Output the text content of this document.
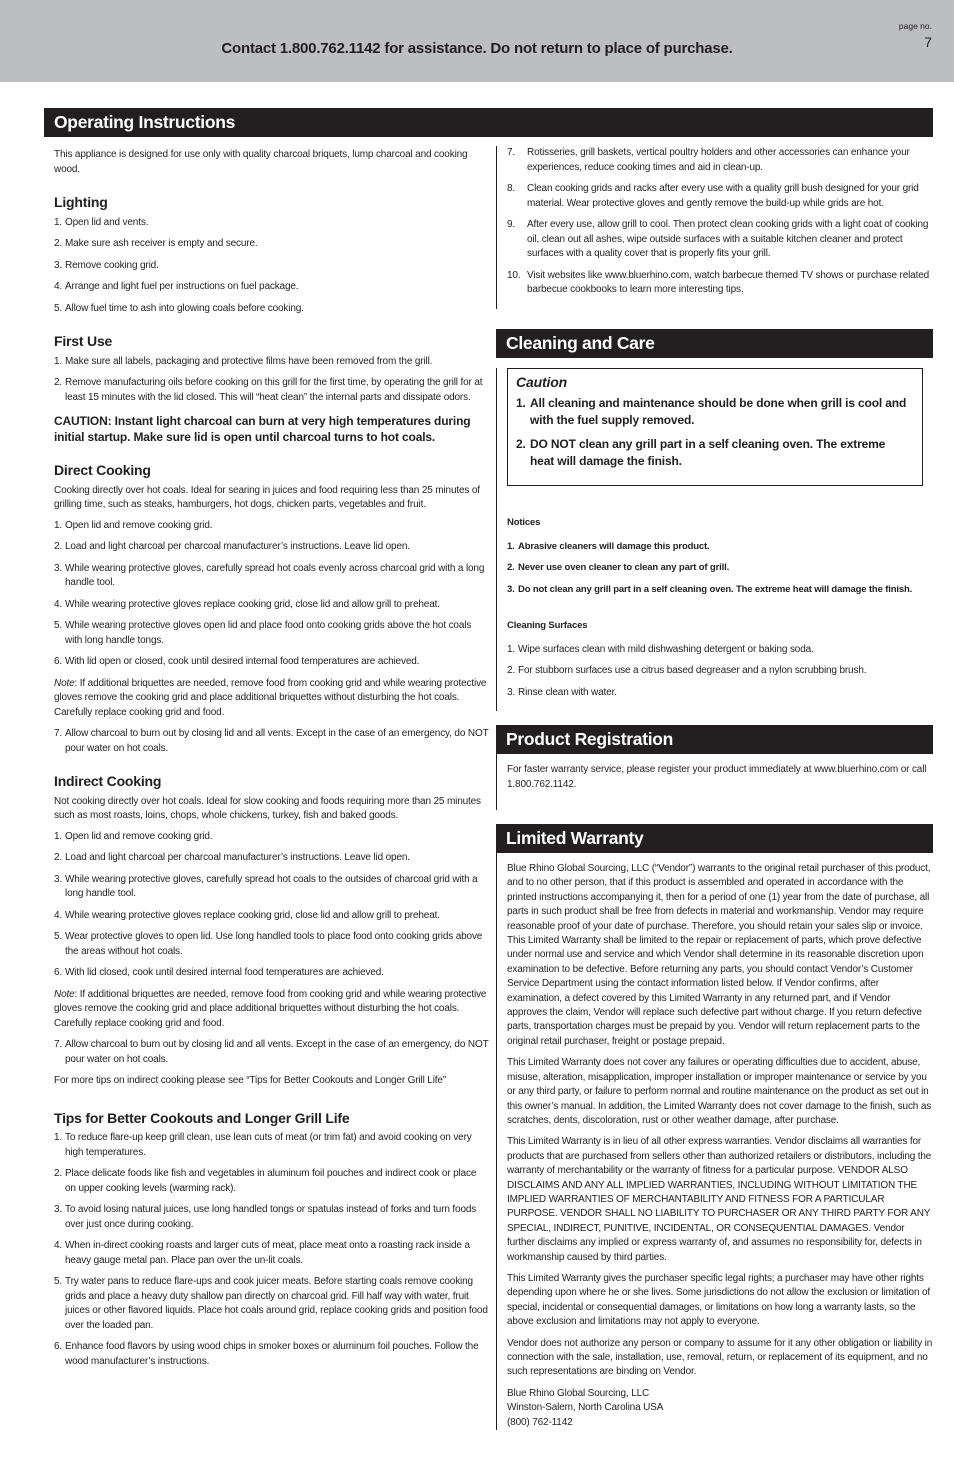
Contact 1.800.762.1142 for assistance. Do not return to place of purchase.
page no.
7
Operating Instructions

This appliance is designed for use only with quality charcoal briquets, lump charcoal and cooking wood.

Lighting
1. Open lid and vents.
2. Make sure ash receiver is empty and secure.
3. Remove cooking grid.
4. Arrange and light fuel per instructions on fuel package.
5. Allow fuel time to ash into glowing coals before cooking.
First Use
1. Make sure all labels, packaging and protective films have been removed from the grill.
2. Remove manufacturing oils before cooking on this grill for the first time, by operating the grill for at least 15 minutes with the lid closed. This will “heat clean” the internal parts and dissipate odors.

CAUTION: Instant light charcoal can burn at very high temperatures during initial startup. Make sure lid is open until charcoal turns to hot coals.

Direct Cooking

Cooking directly over hot coals. Ideal for searing in juices and food requiring less than 25 minutes of grilling time, such as steaks, hamburgers, hot dogs, chicken parts, vegetables and fruit.

1. Open lid and remove cooking grid.
2. Load and light charcoal per charcoal manufacturer’s instructions. Leave lid open.
3. While wearing protective gloves, carefully spread hot coals evenly across charcoal grid with a long handle tool.
4. While wearing protective gloves replace cooking grid, close lid and allow grill to preheat.
5. While wearing protective gloves open lid and place food onto cooking grids above the hot coals with long handle tongs.
6. With lid open or closed, cook until desired internal food temperatures are achieved.

Note: If additional briquettes are needed, remove food from cooking grid and while wearing protective gloves remove the cooking grid and place additional briquettes without disturbing the hot coals. Carefully replace cooking grid and food.

7. Allow charcoal to burn out by closing lid and all vents. Except in the case of an emergency, do NOT pour water on hot coals.
Indirect Cooking

Not cooking directly over hot coals. Ideal for slow cooking and foods requiring more than 25 minutes such as most roasts, loins, chops, whole chickens, turkey, fish and baked goods.

1. Open lid and remove cooking grid.
2. Load and light charcoal per charcoal manufacturer’s instructions. Leave lid open.
3. While wearing protective gloves, carefully spread hot coals to the outsides of charcoal grid with a long handle tool.
4. While wearing protective gloves replace cooking grid, close lid and allow grill to preheat.
5. Wear protective gloves to open lid. Use long handled tools to place food onto cooking grids above the areas without hot coals.
6. With lid closed, cook until desired internal food temperatures are achieved.

Note: If additional briquettes are needed, remove food from cooking grid and while wearing protective gloves remove the cooking grid and place additional briquettes without disturbing the hot coals. Carefully replace cooking grid and food.

7. Allow charcoal to burn out by closing lid and all vents. Except in the case of an emergency, do NOT pour water on hot coals.

For more tips on indirect cooking please see “Tips for Better Cookouts and Longer Grill Life”

Tips for Better Cookouts and Longer Grill Life
1. To reduce flare-up keep grill clean, use lean cuts of meat (or trim fat) and avoid cooking on very high temperatures.
2. Place delicate foods like fish and vegetables in aluminum foil pouches and indirect cook or place on upper cooking levels (warming rack).
3. To avoid losing natural juices, use long handled tongs or spatulas instead of forks and turn foods over just once during cooking.
4. When in-direct cooking roasts and larger cuts of meat, place meat onto a roasting rack inside a heavy gauge metal pan. Place pan over the un-lit coals.
5. Try water pans to reduce flare-ups and cook juicer meats. Before starting coals remove cooking grids and place a heavy duty shallow pan directly on charcoal grid. Fill half way with water, fruit juices or other flavored liquids. Place hot coals around grid, replace cooking grids and position food over the loaded pan.
6. Enhance food flavors by using wood chips in smoker boxes or aluminum foil pouches. Follow the wood manufacturer’s instructions.
7. Rotisseries, grill baskets, vertical poultry holders and other accessories can enhance your experiences, reduce cooking times and aid in clean-up.
8. Clean cooking grids and racks after every use with a quality grill bush designed for your grid material. Wear protective gloves and gently remove the build-up while grids are hot.
9. After every use, allow grill to cool. Then protect clean cooking grids with a light coat of cooking oil, clean out all ashes, wipe outside surfaces with a suitable kitchen cleaner and protect surfaces with a quality cover that is properly fits your grill.
10. Visit websites like www.bluerhino.com, watch barbecue themed TV shows or purchase related barbecue cookbooks to learn more interesting tips.
Cleaning and Care
Caution
1. All cleaning and maintenance should be done when grill is cool and with the fuel supply removed.
2. DO NOT clean any grill part in a self cleaning oven. The extreme heat will damage the finish.

Notices

1. Abrasive cleaners will damage this product.
2. Never use oven cleaner to clean any part of grill.
3. Do not clean any grill part in a self cleaning oven. The extreme heat will damage the finish.

Cleaning Surfaces

1. Wipe surfaces clean with mild dishwashing detergent or baking soda.
2. For stubborn surfaces use a citrus based degreaser and a nylon scrubbing brush.
3. Rinse clean with water.
Product Registration

For faster warranty service, please register your product immediately at www.bluerhino.com or call 1.800.762.1142.

Limited Warranty

Blue Rhino Global Sourcing, LLC (“Vendor”) warrants to the original retail purchaser of this product, and to no other person, that if this product is assembled and operated in accordance with the printed instructions accompanying it, then for a period of one (1) year from the date of purchase, all parts in such product shall be free from defects in material and workmanship. Vendor may require reasonable proof of your date of purchase. Therefore, you should retain your sales slip or invoice. This Limited Warranty shall be limited to the repair or replacement of parts, which prove defective under normal use and service and which Vendor shall determine in its reasonable discretion upon examination to be defective. Before returning any parts, you should contact Vendor’s Customer Service Department using the contact information listed below. If Vendor confirms, after examination, a defect covered by this Limited Warranty in any returned part, and if Vendor approves the claim, Vendor will replace such defective part without charge. If you return defective parts, transportation charges must be prepaid by you. Vendor will return replacement parts to the original retail purchaser, freight or postage prepaid.

This Limited Warranty does not cover any failures or operating difficulties due to accident, abuse, misuse, alteration, misapplication, improper installation or improper maintenance or service by you or any third party, or failure to perform normal and routine maintenance on the product as set out in this owner’s manual. In addition, the Limited Warranty does not cover damage to the finish, such as scratches, dents, discoloration, rust or other weather damage, after purchase.

This Limited Warranty is in lieu of all other express warranties. Vendor disclaims all warranties for products that are purchased from sellers other than authorized retailers or distributors, including the warranty of merchantability or the warranty of fitness for a particular purpose. VENDOR ALSO DISCLAIMS AND ANY ALL IMPLIED WARRANTIES, INCLUDING WITHOUT LIMITATION THE IMPLIED WARRANTIES OF MERCHANTABILITY AND FITNESS FOR A PARTICULAR PURPOSE. VENDOR SHALL NO LIABILITY TO PURCHASER OR ANY THIRD PARTY FOR ANY SPECIAL, INDIRECT, PUNITIVE, INCIDENTAL, OR CONSEQUENTIAL DAMAGES. Vendor further disclaims any implied or express warranty of, and assumes no responsibility for, defects in workmanship caused by third parties.

This Limited Warranty gives the purchaser specific legal rights; a purchaser may have other rights depending upon where he or she lives. Some jurisdictions do not allow the exclusion or limitation of special, incidental or consequential damages, or limitations on how long a warranty lasts, so the above exclusion and limitations may not apply to everyone.

Vendor does not authorize any person or company to assume for it any other obligation or liability in connection with the sale, installation, use, removal, return, or replacement of its equipment, and no such representations are binding on Vendor.

Blue Rhino Global Sourcing, LLC
Winston-Salem, North Carolina USA
(800) 762-1142
